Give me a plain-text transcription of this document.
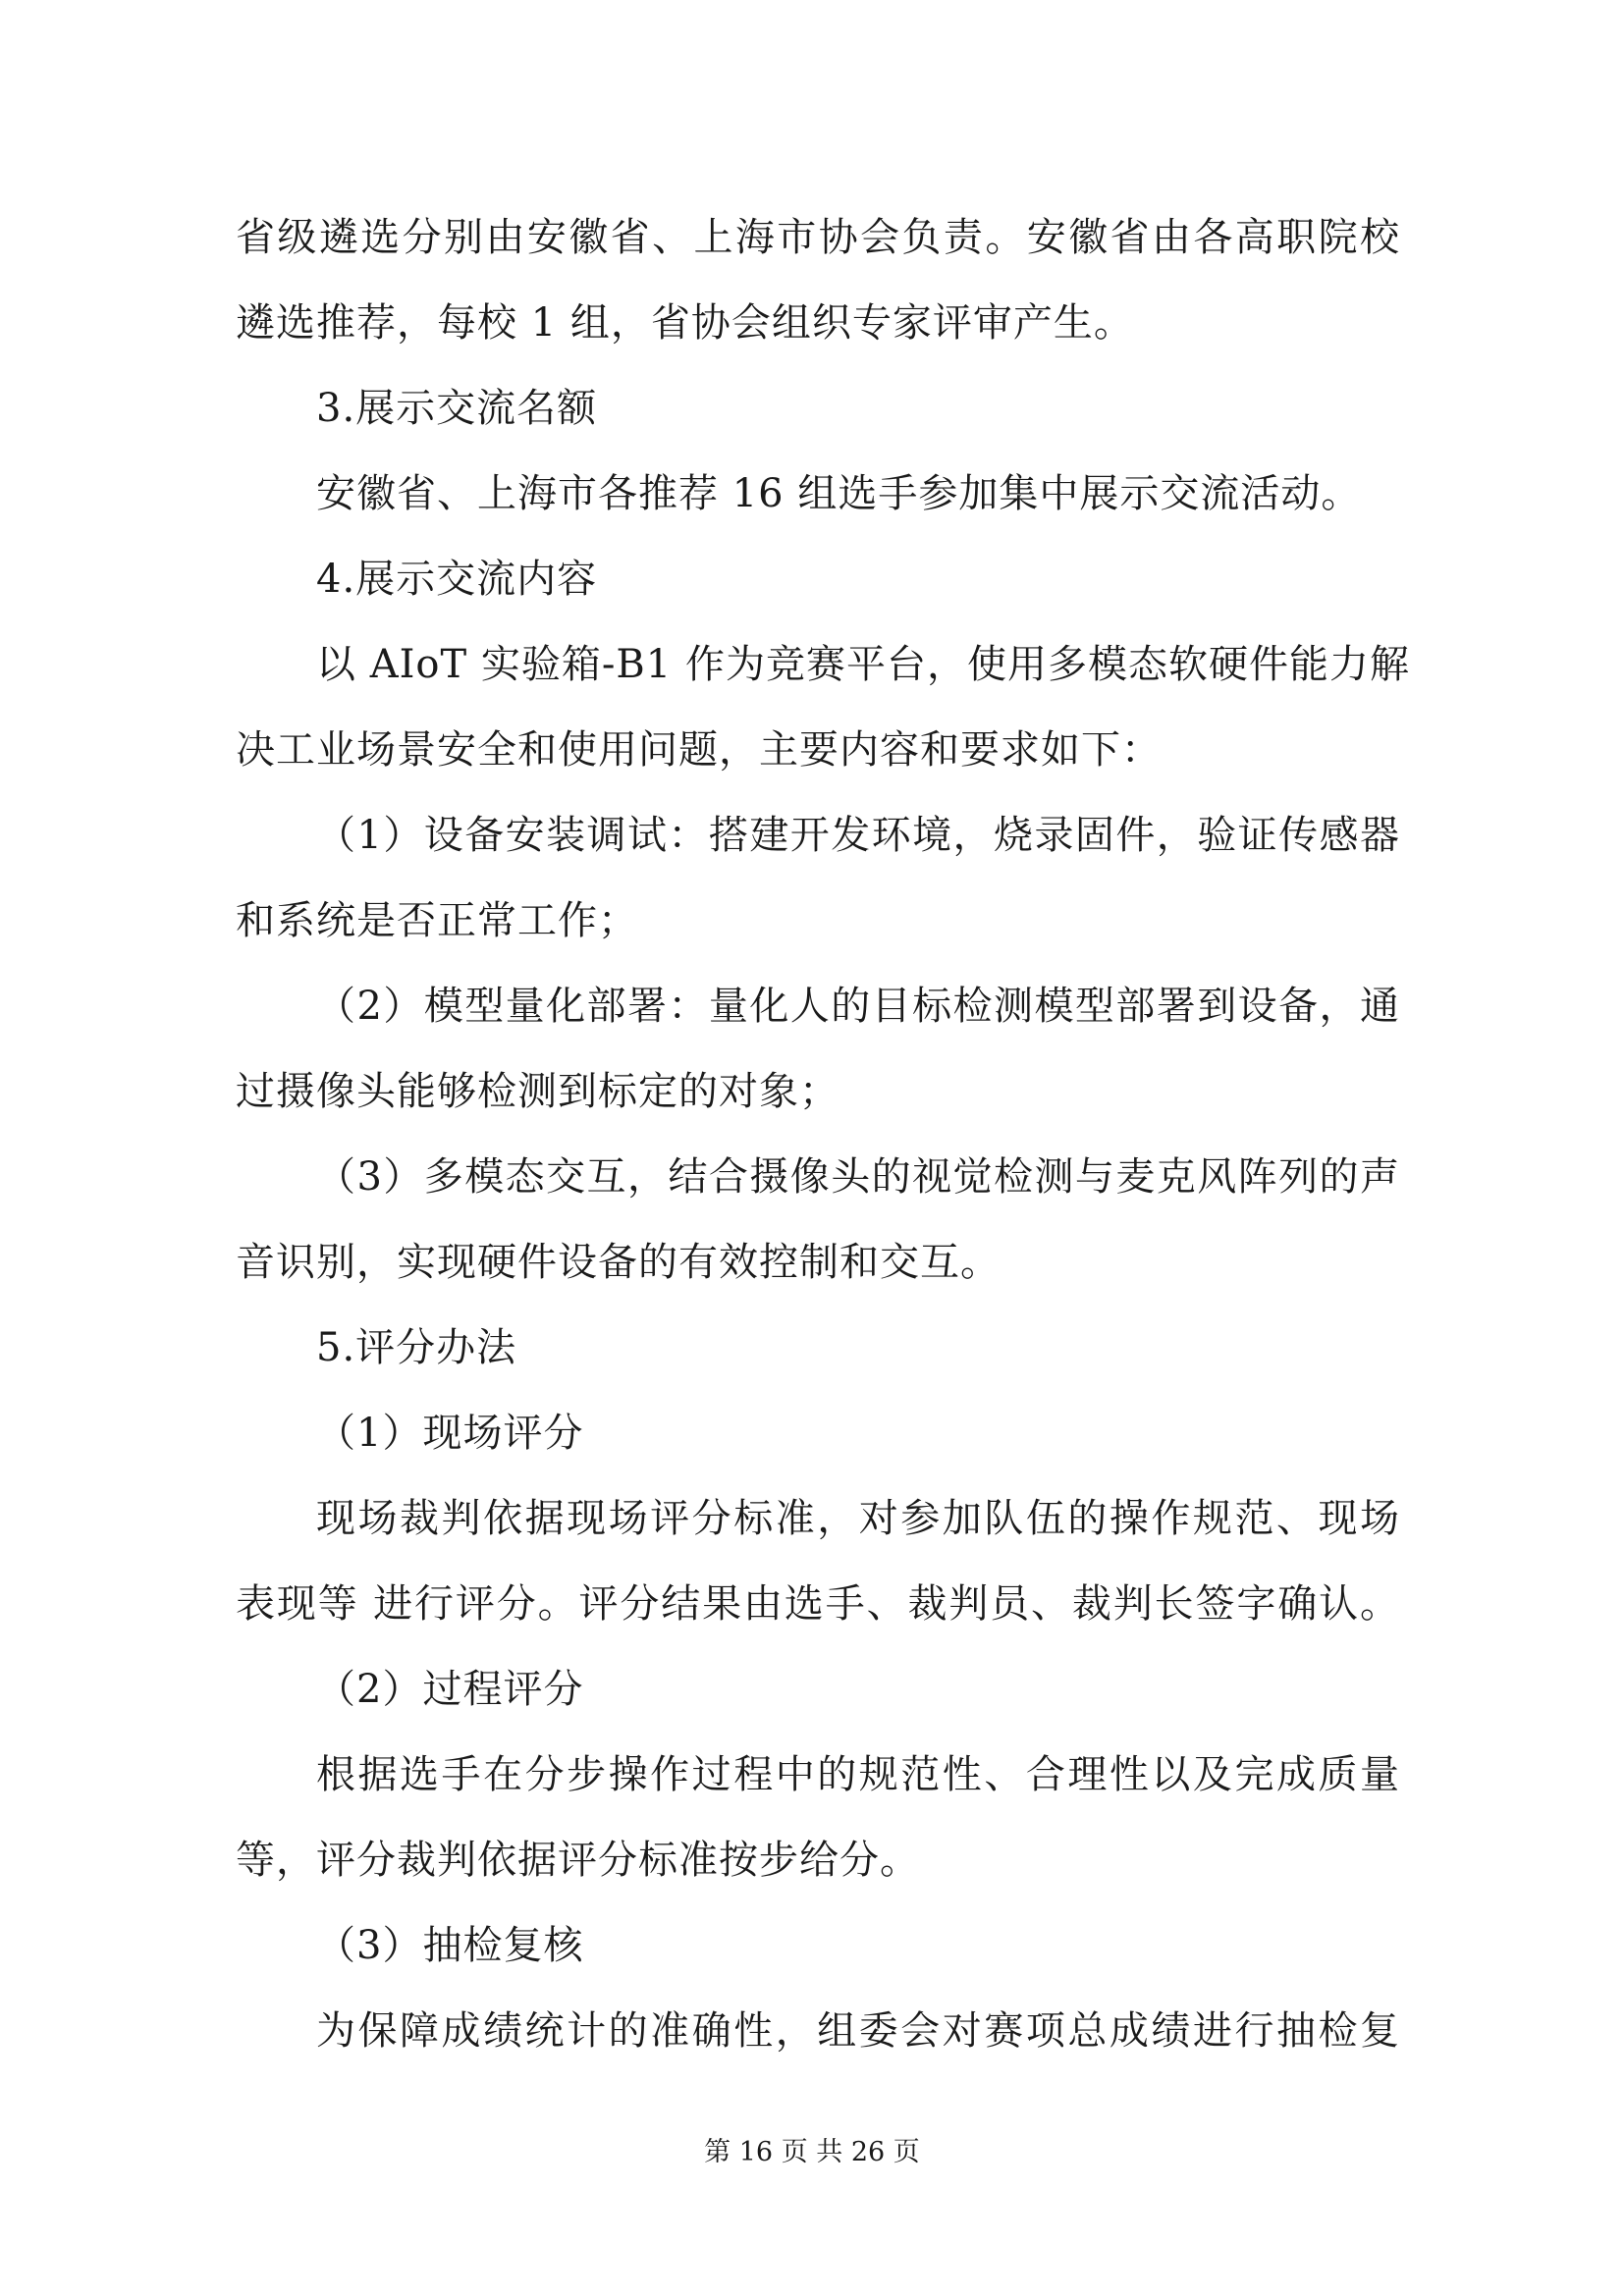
省级遴选分别由安徽省、上海市协会负责。安徽省由各高职院校
遴选推荐，每校 1 组，省协会组织专家评审产生。
3.展示交流名额
安徽省、上海市各推荐 16 组选手参加集中展示交流活动。
4.展示交流内容
以 AIoT 实验箱-B1 作为竞赛平台，使用多模态软硬件能力解
决工业场景安全和使用问题，主要内容和要求如下：
（1）设备安装调试：搭建开发环境，烧录固件，验证传感器
和系统是否正常工作；
（2）模型量化部署：量化人的目标检测模型部署到设备，通
过摄像头能够检测到标定的对象；
（3）多模态交互，结合摄像头的视觉检测与麦克风阵列的声
音识别，实现硬件设备的有效控制和交互。
5.评分办法
（1）现场评分
现场裁判依据现场评分标准，对参加队伍的操作规范、现场
表现等 进行评分。评分结果由选手、裁判员、裁判长签字确认。
（2）过程评分
根据选手在分步操作过程中的规范性、合理性以及完成质量
等，评分裁判依据评分标准按步给分。
（3）抽检复核
为保障成绩统计的准确性，组委会对赛项总成绩进行抽检复
第 16 页 共 26 页
